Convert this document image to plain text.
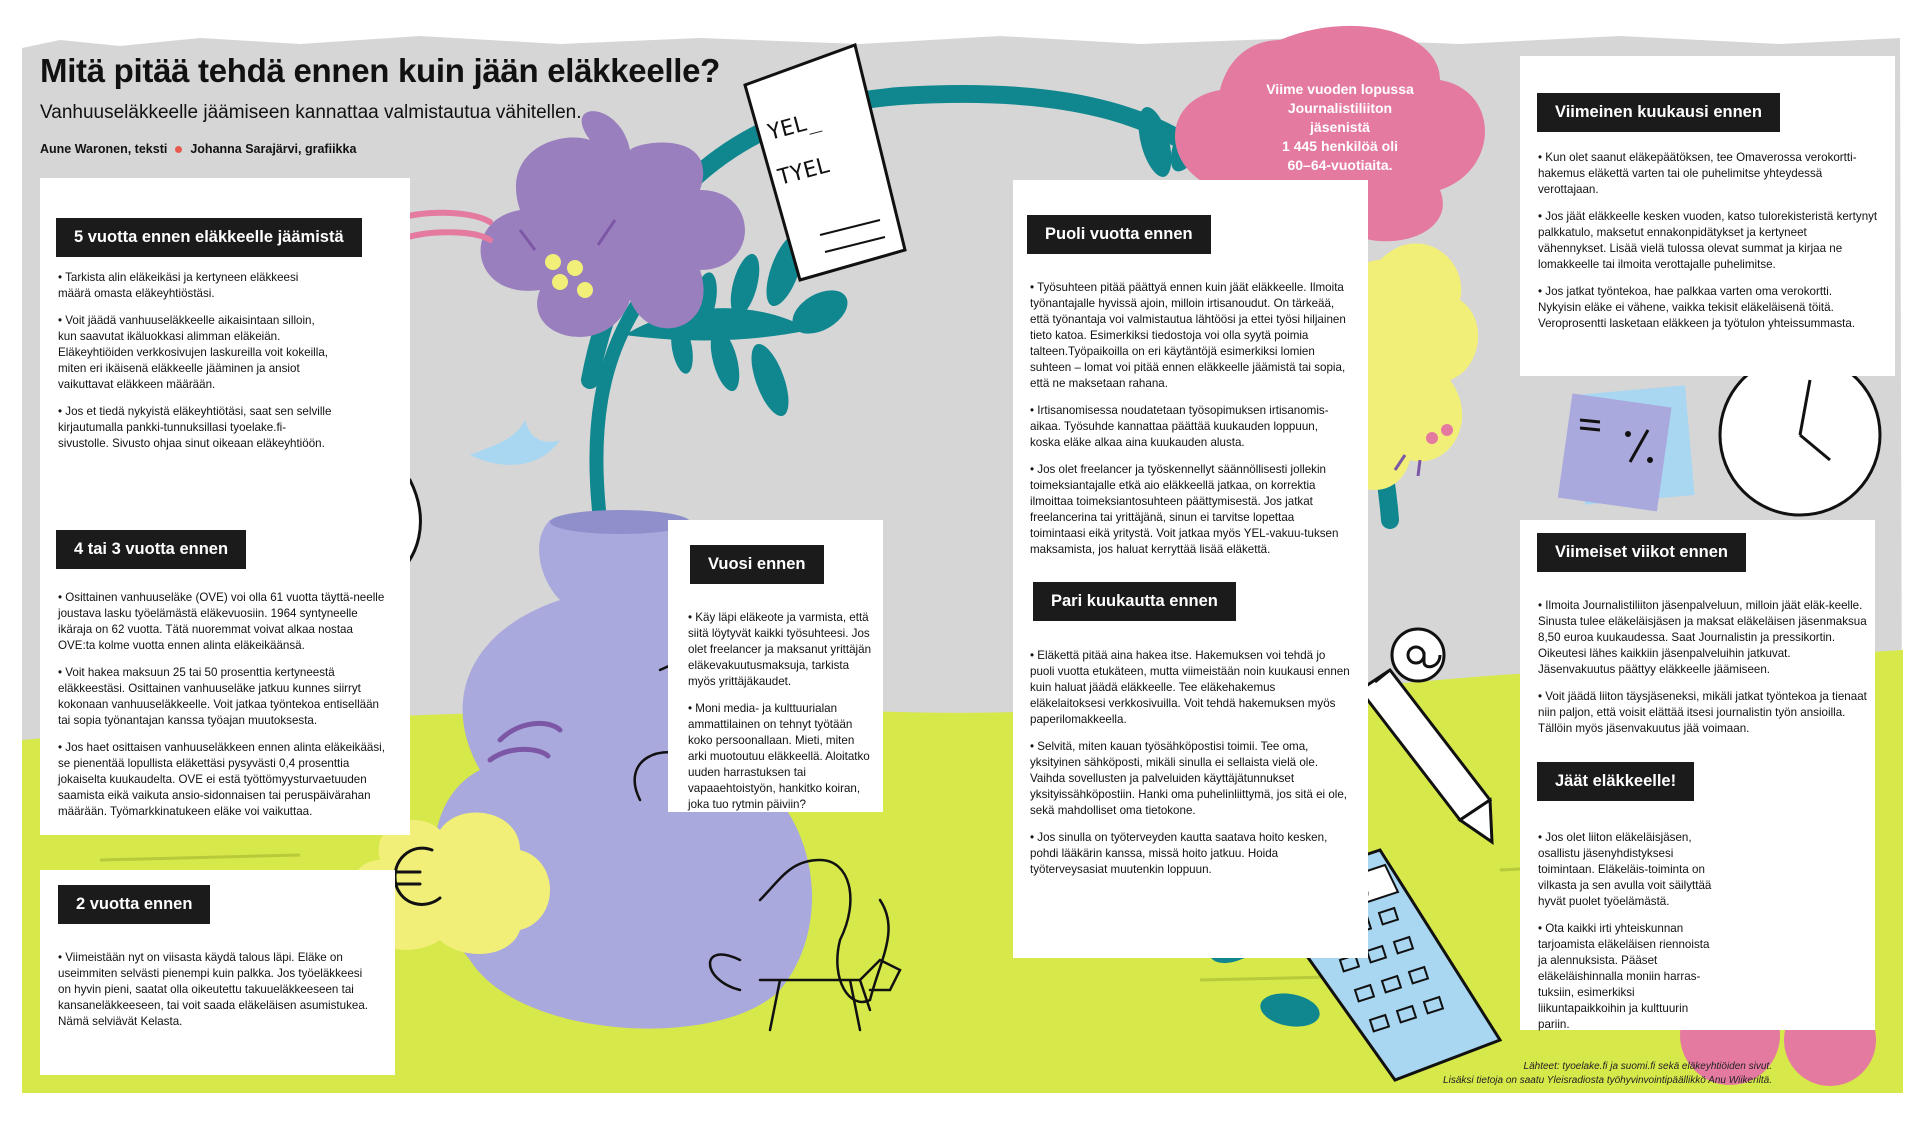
YEL_
TYEL
Mitä pitää tehdä ennen kuin jään eläkkeelle?
Vanhuuseläkkeelle jäämiseen kannattaa valmistautua vähitellen.
Aune Waronen, teksti Johanna Sarajärvi, grafiikka
Viime vuoden lopussa
Journalistiliiton
jäsenistä
1 445 henkilöä oli
60–64-vuotiaita.
5 vuotta ennen eläkkeelle jäämistä

• Tarkista alin eläkeikäsi ja kertyneen eläkkeesi määrä omasta eläkeyhtiöstäsi.

• Voit jäädä vanhuuseläkkeelle aikaisintaan silloin, kun saavutat ikäluokkasi alimman eläkeiän. Eläkeyhtiöiden verkkosivujen laskureilla voit kokeilla, miten eri ikäisenä eläkkeelle jääminen ja ansiot vaikuttavat eläkkeen määrään.

• Jos et tiedä nykyistä eläkeyhtiötäsi, saat sen selville kirjautumalla pankki-tunnuksillasi tyoelake.fi-sivustolle. Sivusto ohjaa sinut oikeaan eläkeyhtiöön.

4 tai 3 vuotta ennen

• Osittainen vanhuuseläke (OVE) voi olla 61 vuotta täyttä-neelle joustava lasku työelämästä eläkevuosiin. 1964 syntyneelle ikäraja on 62 vuotta. Tätä nuoremmat voivat alkaa nostaa OVE:ta kolme vuotta ennen alinta eläkeikäänsä.

• Voit hakea maksuun 25 tai 50 prosenttia kertyneestä eläkkeestäsi. Osittainen vanhuuseläke jatkuu kunnes siirryt kokonaan vanhuuseläkkeelle. Voit jatkaa työntekoa entisellään tai sopia työnantajan kanssa työajan muutoksesta.

• Jos haet osittaisen vanhuuseläkkeen ennen alinta eläkeikääsi, se pienentää lopullista eläkettäsi pysyvästi 0,4 prosenttia jokaiselta kuukaudelta. OVE ei estä työttömyysturvaetuuden saamista eikä vaikuta ansio-sidonnaisen tai peruspäivärahan määrään. Työmarkkinatukeen eläke voi vaikuttaa.

2 vuotta ennen

• Viimeistään nyt on viisasta käydä talous läpi. Eläke on useimmiten selvästi pienempi kuin palkka. Jos työeläkkeesi on hyvin pieni, saatat olla oikeutettu takuueläkkeeseen tai kansaneläkkeeseen, tai voit saada eläkeläisen asumistukea. Nämä selviävät Kelasta.

Vuosi ennen

• Käy läpi eläkeote ja varmista, että siitä löytyvät kaikki työsuhteesi. Jos olet freelancer ja maksanut yrittäjän eläkevakuutusmaksuja, tarkista myös yrittäjäkaudet.

• Moni media- ja kulttuurialan ammattilainen on tehnyt työtään koko persoonallaan. Mieti, miten arki muotoutuu eläkkeellä. Aloitatko uuden harrastuksen tai vapaaehtoistyön, hankitko koiran, joka tuo rytmin päiviin?

Puoli vuotta ennen

• Työsuhteen pitää päättyä ennen kuin jäät eläkkeelle. Ilmoita työnantajalle hyvissä ajoin, milloin irtisanoudut. On tärkeää, että työnantaja voi valmistautua lähtöösi ja ettei työsi hiljainen tieto katoa. Esimerkiksi tiedostoja voi olla syytä poimia talteen.Työpaikoilla on eri käytäntöjä esimerkiksi lomien suhteen – lomat voi pitää ennen eläkkeelle jäämistä tai sopia, että ne maksetaan rahana.

• Irtisanomisessa noudatetaan työsopimuksen irtisanomis-aikaa. Työsuhde kannattaa päättää kuukauden loppuun, koska eläke alkaa aina kuukauden alusta.

• Jos olet freelancer ja työskennellyt säännöllisesti jollekin toimeksiantajalle etkä aio eläkkeellä jatkaa, on korrektia ilmoittaa toimeksiantosuhteen päättymisestä. Jos jatkat freelancerina tai yrittäjänä, sinun ei tarvitse lopettaa toimintaasi eikä yritystä. Voit jatkaa myös YEL-vakuu-tuksen maksamista, jos haluat kerryttää lisää eläkettä.

Pari kuukautta ennen

• Eläkettä pitää aina hakea itse. Hakemuksen voi tehdä jo puoli vuotta etukäteen, mutta viimeistään noin kuukausi ennen kuin haluat jäädä eläkkeelle. Tee eläkehakemus eläkelaitoksesi verkkosivuilla. Voit tehdä hakemuksen myös paperilomakkeella.

• Selvitä, miten kauan työsähköpostisi toimii. Tee oma, yksityinen sähköposti, mikäli sinulla ei sellaista vielä ole. Vaihda sovellusten ja palveluiden käyttäjätunnukset yksityissähköpostiin. Hanki oma puhelinliittymä, jos sitä ei ole, sekä mahdolliset oma tietokone.

• Jos sinulla on työterveyden kautta saatava hoito kesken, pohdi lääkärin kanssa, missä hoito jatkuu. Hoida työterveysasiat muutenkin loppuun.

Viimeinen kuukausi ennen

• Kun olet saanut eläkepäätöksen, tee Omaverossa verokortti-hakemus eläkettä varten tai ole puhelimitse yhteydessä verottajaan.

• Jos jäät eläkkeelle kesken vuoden, katso tulorekisteristä kertynyt palkkatulo, maksetut ennakonpidätykset ja kertyneet vähennykset. Lisää vielä tulossa olevat summat ja kirjaa ne lomakkeelle tai ilmoita verottajalle puhelimitse.

• Jos jatkat työntekoa, hae palkkaa varten oma verokortti. Nykyisin eläke ei vähene, vaikka tekisit eläkeläisenä töitä. Veroprosentti lasketaan eläkkeen ja työtulon yhteissummasta.

Viimeiset viikot ennen

• Ilmoita Journalistiliiton jäsenpalveluun, milloin jäät eläk-keelle. Sinusta tulee eläkeläisjäsen ja maksat eläkeläisen jäsenmaksua 8,50 euroa kuukaudessa. Saat Journalistin ja pressikortin. Oikeutesi lähes kaikkiin jäsenpalveluihin jatkuvat. Jäsenvakuutus päättyy eläkkeelle jäämiseen.

• Voit jäädä liiton täysjäseneksi, mikäli jatkat työntekoa ja tienaat niin paljon, että voisit elättää itsesi journalistin työn ansioilla. Tällöin myös jäsenvakuutus jää voimaan.

Jäät eläkkeelle!

• Jos olet liiton eläkeläisjäsen, osallistu jäsenyhdistyksesi toimintaan. Eläkeläis-toiminta on vilkasta ja sen avulla voit säilyttää hyvät puolet työelämästä.

• Ota kaikki irti yhteiskunnan tarjoamista eläkeläisen riennoista ja alennuksista. Pääset eläkeläishinnalla moniin harras-tuksiin, esimerkiksi liikuntapaikkoihin ja kulttuurin pariin.

Lähteet: tyoelake.fi ja suomi.fi sekä eläkeyhtiöiden sivut.
Lisäksi tietoja on saatu Yleisradiosta työhyvinvointipäällikkö Anu Wiikeriltä.
